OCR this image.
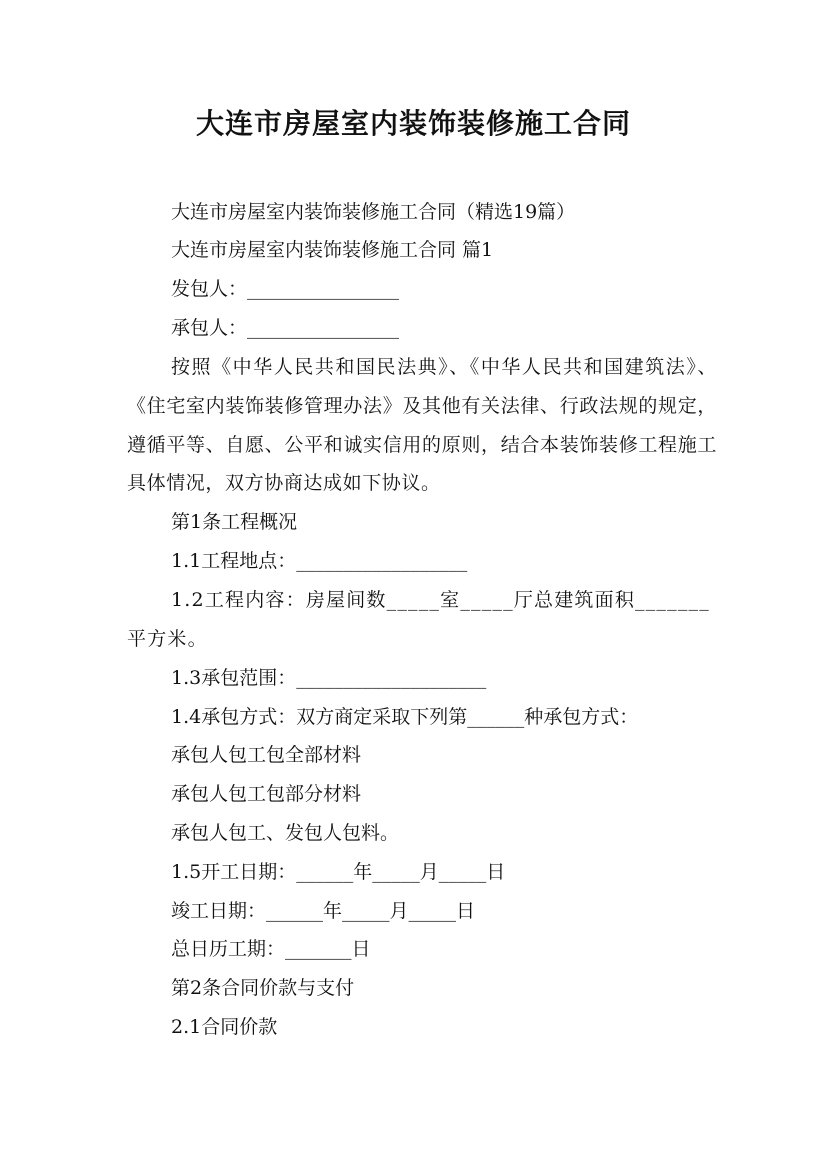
大连市房屋室内装饰装修施工合同
大连市房屋室内装饰装修施工合同（精选19篇）
大连市房屋室内装饰装修施工合同 篇1
发包人：________________
承包人：________________
按照《中华人民共和国民法典》、《中华人民共和国建筑法》、《住宅室内装饰装修管理办法》及其他有关法律、行政法规的规定，遵循平等、自愿、公平和诚实信用的原则，结合本装饰装修工程施工具体情况，双方协商达成如下协议。
第1条工程概况
1.1工程地点：__________________
1.2工程内容：房屋间数_____室_____厅总建筑面积_______平方米。
1.3承包范围：____________________
1.4承包方式：双方商定采取下列第______种承包方式：
承包人包工包全部材料
承包人包工包部分材料
承包人包工、发包人包料。
1.5开工日期：______年_____月_____日
竣工日期：______年_____月_____日
总日历工期：_______日
第2条合同价款与支付
2.1合同价款
